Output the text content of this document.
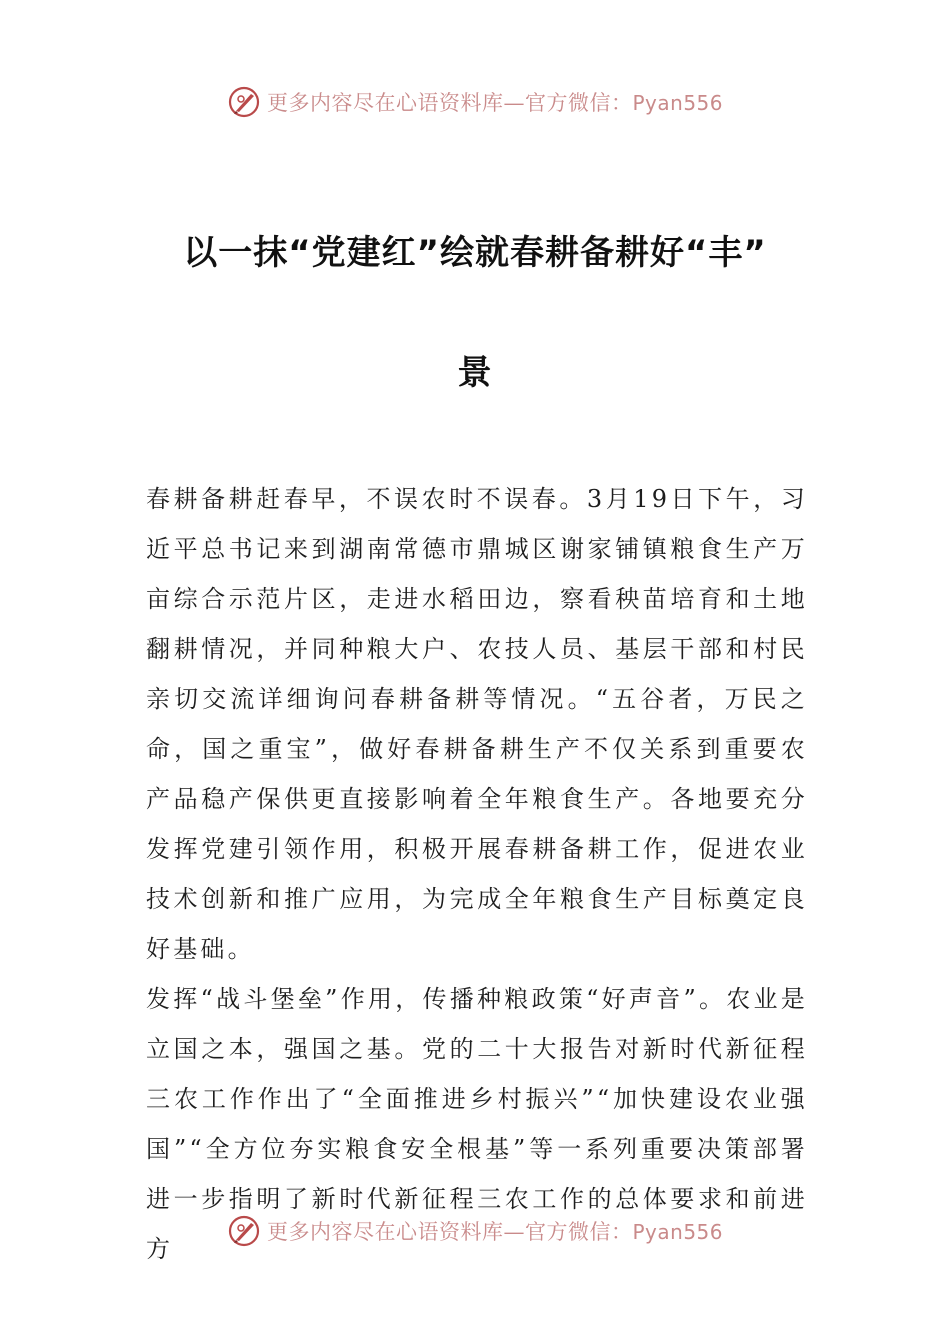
更多内容尽在心语资料库—官方微信：Pyan556
以一抹“党建红”绘就春耕备耕好“丰”
景

春耕备耕赶春早，不误农时不误春。3月19日下午，习近平总书记来到湖南常德市鼎城区谢家铺镇粮食生产万亩综合示范片区，走进水稻田边，察看秧苗培育和土地翻耕情况，并同种粮大户、农技人员、基层干部和村民亲切交流详细询问春耕备耕等情况。“五谷者，万民之命，国之重宝”，做好春耕备耕生产不仅关系到重要农产品稳产保供更直接影响着全年粮食生产。各地要充分发挥党建引领作用，积极开展春耕备耕工作，促进农业技术创新和推广应用，为完成全年粮食生产目标奠定良好基础。

发挥“战斗堡垒”作用，传播种粮政策“好声音”。农业是立国之本，强国之基。党的二十大报告对新时代新征程三农工作作出了“全面推进乡村振兴”“加快建设农业强国”“全方位夯实粮食安全根基”等一系列重要决策部署进一步指明了新时代新征程三农工作的总体要求和前进方

更多内容尽在心语资料库—官方微信：Pyan556
